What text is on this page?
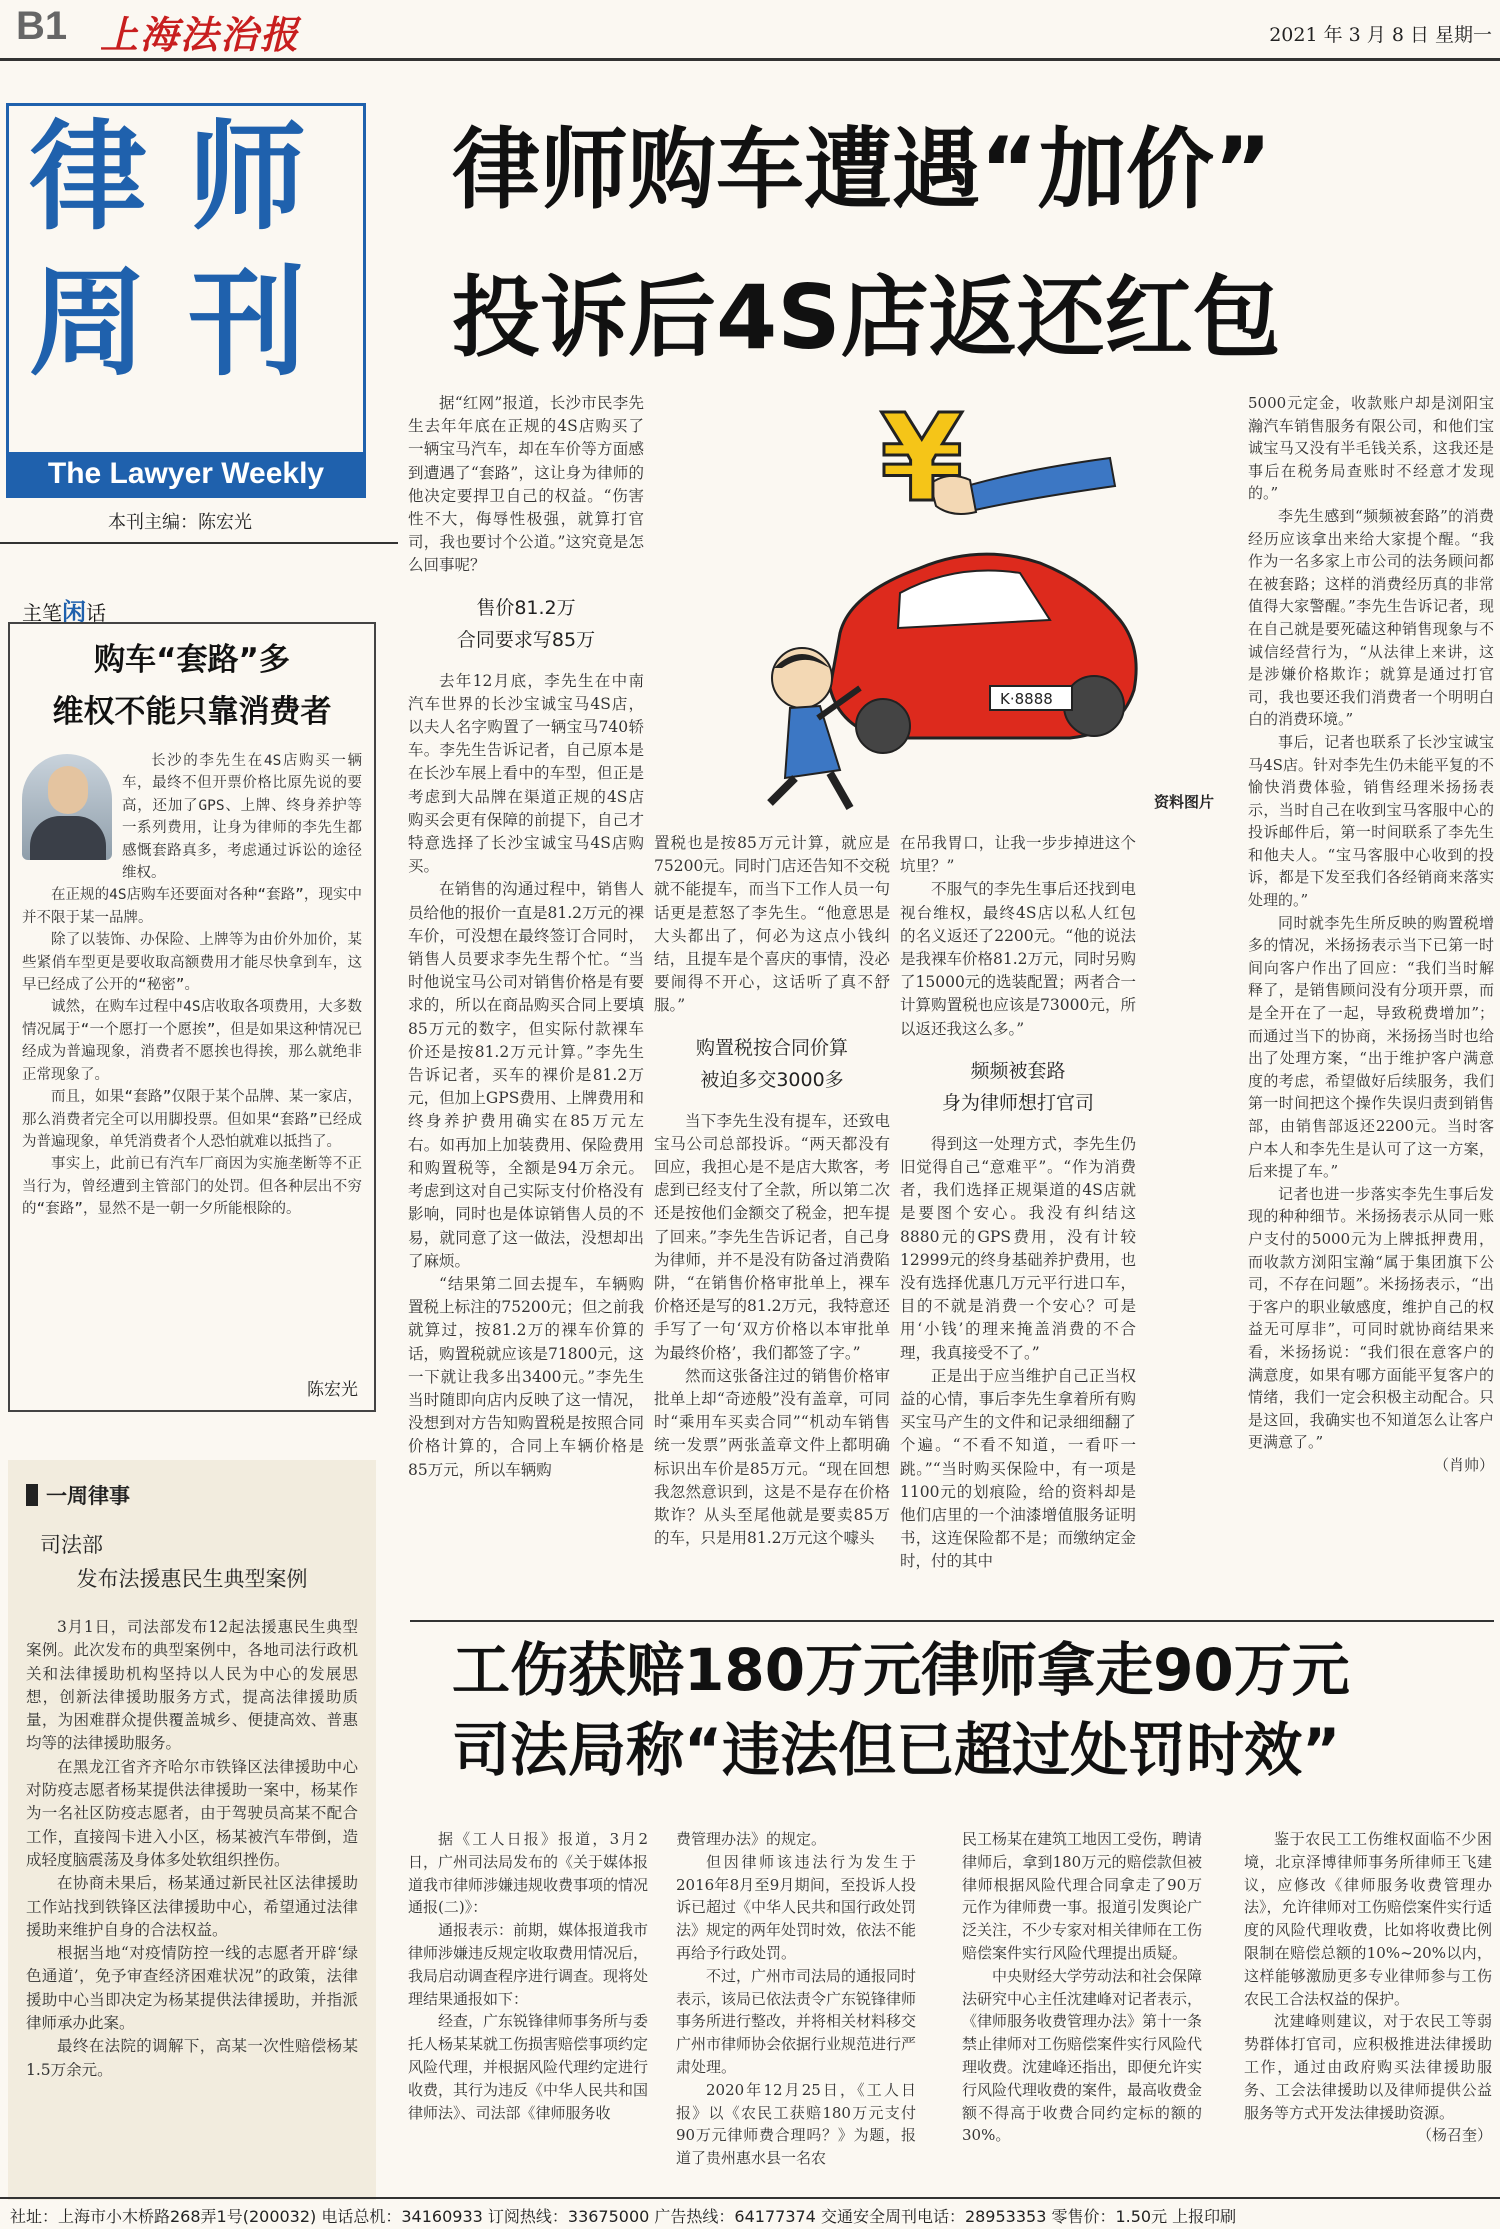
B1 上海法治报	2021 年 3 月 8 日 星期一
律 师
周 刊
The Lawyer Weekly
本刊主编：陈宏光
律师购车遭遇“加价”
投诉后4S店返还红包
¥
K·8888
资料图片

据“红网”报道，长沙市民李先生去年年底在正规的4S店购买了一辆宝马汽车，却在车价等方面感到遭遇了“套路”，这让身为律师的他决定要捍卫自己的权益。“伤害性不大，侮辱性极强，就算打官司，我也要讨个公道。”这究竟是怎么回事呢？

售价81.2万
合同要求写85万

去年12月底，李先生在中南汽车世界的长沙宝诚宝马4S店，以夫人名字购置了一辆宝马740轿车。李先生告诉记者，自己原本是在长沙车展上看中的车型，但正是考虑到大品牌在渠道正规的4S店购买会更有保障的前提下，自己才特意选择了长沙宝诚宝马4S店购买。

在销售的沟通过程中，销售人员给他的报价一直是81.2万元的裸车价，可没想在最终签订合同时，销售人员要求李先生帮个忙。“当时他说宝马公司对销售价格是有要求的，所以在商品购买合同上要填85万元的数字，但实际付款裸车价还是按81.2万元计算。”李先生告诉记者，买车的裸价是81.2万元，但加上GPS费用、上牌费用和终身养护费用确实在85万元左右。如再加上加装费用、保险费用和购置税等，全额是94万余元。考虑到这对自己实际支付价格没有影响，同时也是体谅销售人员的不易，就同意了这一做法，没想却出了麻烦。

“结果第二回去提车，车辆购置税上标注的75200元；但之前我就算过，按81.2万的裸车价算的话，购置税就应该是71800元，这一下就让我多出3400元。”李先生当时随即向店内反映了这一情况，没想到对方告知购置税是按照合同价格计算的，合同上车辆价格是85万元，所以车辆购

置税也是按85万元计算，就应是75200元。同时门店还告知不交税就不能提车，而当下工作人员一句话更是惹怒了李先生。“他意思是大头都出了，何必为这点小钱纠结，且提车是个喜庆的事情，没必要闹得不开心，这话听了真不舒服。”

购置税按合同价算
被迫多交3000多

当下李先生没有提车，还致电宝马公司总部投诉。“两天都没有回应，我担心是不是店大欺客，考虑到已经支付了全款，所以第二次还是按他们金额交了税金，把车提了回来。”李先生告诉记者，自己身为律师，并不是没有防备过消费陷阱，“在销售价格审批单上，裸车价格还是写的81.2万元，我特意还手写了一句‘双方价格以本审批单为最终价格’，我们都签了字。”

然而这张备注过的销售价格审批单上却“奇迹般”没有盖章，可同时“乘用车买卖合同”“机动车销售统一发票”两张盖章文件上都明确标识出车价是85万元。“现在回想我忽然意识到，这是不是存在价格欺诈？从头至尾他就是要卖85万的车，只是用81.2万元这个噱头

在吊我胃口，让我一步步掉进这个坑里？”

不服气的李先生事后还找到电视台维权，最终4S店以私人红包的名义返还了2200元。“他的说法是我裸车价格81.2万元，同时另购了15000元的选装配置；两者合一计算购置税也应该是73000元，所以返还我这么多。”

频频被套路
身为律师想打官司

得到这一处理方式，李先生仍旧觉得自己“意难平”。“作为消费者，我们选择正规渠道的4S店就是要图个安心。我没有纠结这8880元的GPS费用，没有计较12999元的终身基础养护费用，也没有选择优惠几万元平行进口车，目的不就是消费一个安心？可是用‘小钱’的理来掩盖消费的不合理，我真接受不了。”

正是出于应当维护自己正当权益的心情，事后李先生拿着所有购买宝马产生的文件和记录细细翻了个遍。“不看不知道，一看吓一跳。”“当时购买保险中，有一项是1100元的划痕险，给的资料却是他们店里的一个油漆增值服务证明书，这连保险都不是；而缴纳定金时，付的其中

5000元定金，收款账户却是浏阳宝瀚汽车销售服务有限公司，和他们宝诚宝马又没有半毛钱关系，这我还是事后在税务局查账时不经意才发现的。”

李先生感到“频频被套路”的消费经历应该拿出来给大家提个醒。“我作为一名多家上市公司的法务顾问都在被套路；这样的消费经历真的非常值得大家警醒。”李先生告诉记者，现在自己就是要死磕这种销售现象与不诚信经营行为，“从法律上来讲，这是涉嫌价格欺诈；就算是通过打官司，我也要还我们消费者一个明明白白的消费环境。”

事后，记者也联系了长沙宝诚宝马4S店。针对李先生仍未能平复的不愉快消费体验，销售经理米扬扬表示，当时自己在收到宝马客服中心的投诉邮件后，第一时间联系了李先生和他夫人。“宝马客服中心收到的投诉，都是下发至我们各经销商来落实处理的。”

同时就李先生所反映的购置税增多的情况，米扬扬表示当下已第一时间向客户作出了回应：“我们当时解释了，是销售顾问没有分项开票，而是全开在了一起，导致税费增加”；而通过当下的协商，米扬扬当时也给出了处理方案，“出于维护客户满意度的考虑，希望做好后续服务，我们第一时间把这个操作失误归责到销售部，由销售部返还2200元。当时客户本人和李先生是认可了这一方案，后来提了车。”

记者也进一步落实李先生事后发现的种种细节。米扬扬表示从同一账户支付的5000元为上牌抵押费用，而收款方浏阳宝瀚“属于集团旗下公司，不存在问题”。米扬扬表示，“出于客户的职业敏感度，维护自己的权益无可厚非”，可同时就协商结果来看，米扬扬说：“我们很在意客户的满意度，如果有哪方面能平复客户的情绪，我们一定会积极主动配合。只是这回，我确实也不知道怎么让客户更满意了。”

（肖帅）
主笔闲话
购车“套路”多
维权不能只靠消费者

长沙的李先生在4S店购买一辆车，最终不但开票价格比原先说的要高，还加了GPS、上牌、终身养护等一系列费用，让身为律师的李先生都感慨套路真多，考虑通过诉讼的途径维权。

在正规的4S店购车还要面对各种“套路”，现实中并不限于某一品牌。

除了以装饰、办保险、上牌等为由价外加价，某些紧俏车型更是要收取高额费用才能尽快拿到车，这早已经成了公开的“秘密”。

诚然，在购车过程中4S店收取各项费用，大多数情况属于“一个愿打一个愿挨”，但是如果这种情况已经成为普遍现象，消费者不愿挨也得挨，那么就绝非正常现象了。

而且，如果“套路”仅限于某个品牌、某一家店，那么消费者完全可以用脚投票。但如果“套路”已经成为普遍现象，单凭消费者个人恐怕就难以抵挡了。

事实上，此前已有汽车厂商因为实施垄断等不正当行为，曾经遭到主管部门的处罚。但各种层出不穷的“套路”，显然不是一朝一夕所能根除的。

陈宏光
一周律事
司法部
发布法援惠民生典型案例

3月1日，司法部发布12起法援惠民生典型案例。此次发布的典型案例中，各地司法行政机关和法律援助机构坚持以人民为中心的发展思想，创新法律援助服务方式，提高法律援助质量，为困难群众提供覆盖城乡、便捷高效、普惠均等的法律援助服务。

在黑龙江省齐齐哈尔市铁锋区法律援助中心对防疫志愿者杨某提供法律援助一案中，杨某作为一名社区防疫志愿者，由于驾驶员高某不配合工作，直接闯卡进入小区，杨某被汽车带倒，造成轻度脑震荡及身体多处软组织挫伤。

在协商未果后，杨某通过新民社区法律援助工作站找到铁锋区法律援助中心，希望通过法律援助来维护自身的合法权益。

根据当地“对疫情防控一线的志愿者开辟‘绿色通道’，免予审查经济困难状况”的政策，法律援助中心当即决定为杨某提供法律援助，并指派律师承办此案。

最终在法院的调解下，高某一次性赔偿杨某1.5万余元。

工伤获赔180万元律师拿走90万元
司法局称“违法但已超过处罚时效”

据《工人日报》报道，3月2日，广州司法局发布的《关于媒体报道我市律师涉嫌违规收费事项的情况通报(二)》：

通报表示：前期，媒体报道我市律师涉嫌违反规定收取费用情况后，我局启动调查程序进行调查。现将处理结果通报如下：

经查，广东锐锋律师事务所与委托人杨某某就工伤损害赔偿事项约定风险代理，并根据风险代理约定进行收费，其行为违反《中华人民共和国律师法》、司法部《律师服务收

费管理办法》的规定。

但因律师该违法行为发生于2016年8月至9月期间，至投诉人投诉已超过《中华人民共和国行政处罚法》规定的两年处罚时效，依法不能再给予行政处罚。

不过，广州市司法局的通报同时表示，该局已依法责令广东锐锋律师事务所进行整改，并将相关材料移交广州市律师协会依据行业规范进行严肃处理。

2020年12月25日，《工人日报》以《农民工获赔180万元支付90万元律师费合理吗？》为题，报道了贵州惠水县一名农

民工杨某在建筑工地因工受伤，聘请律师后，拿到180万元的赔偿款但被律师根据风险代理合同拿走了90万元作为律师费一事。报道引发舆论广泛关注，不少专家对相关律师在工伤赔偿案件实行风险代理提出质疑。

中央财经大学劳动法和社会保障法研究中心主任沈建峰对记者表示，《律师服务收费管理办法》第十一条禁止律师对工伤赔偿案件实行风险代理收费。沈建峰还指出，即便允许实行风险代理收费的案件，最高收费金额不得高于收费合同约定标的额的30%。

鉴于农民工工伤维权面临不少困境，北京泽博律师事务所律师王飞建议，应修改《律师服务收费管理办法》，允许律师对工伤赔偿案件实行适度的风险代理收费，比如将收费比例限制在赔偿总额的10%~20%以内，这样能够激励更多专业律师参与工伤农民工合法权益的保护。

沈建峰则建议，对于农民工等弱势群体打官司，应积极推进法律援助工作，通过由政府购买法律援助服务、工会法律援助以及律师提供公益服务等方式开发法律援助资源。

（杨召奎）
社址：上海市小木桥路268弄1号(200032) 电话总机：34160933 订阅热线：33675000 广告热线：64177374 交通安全周刊电话：28953353 零售价：1.50元 上报印刷
